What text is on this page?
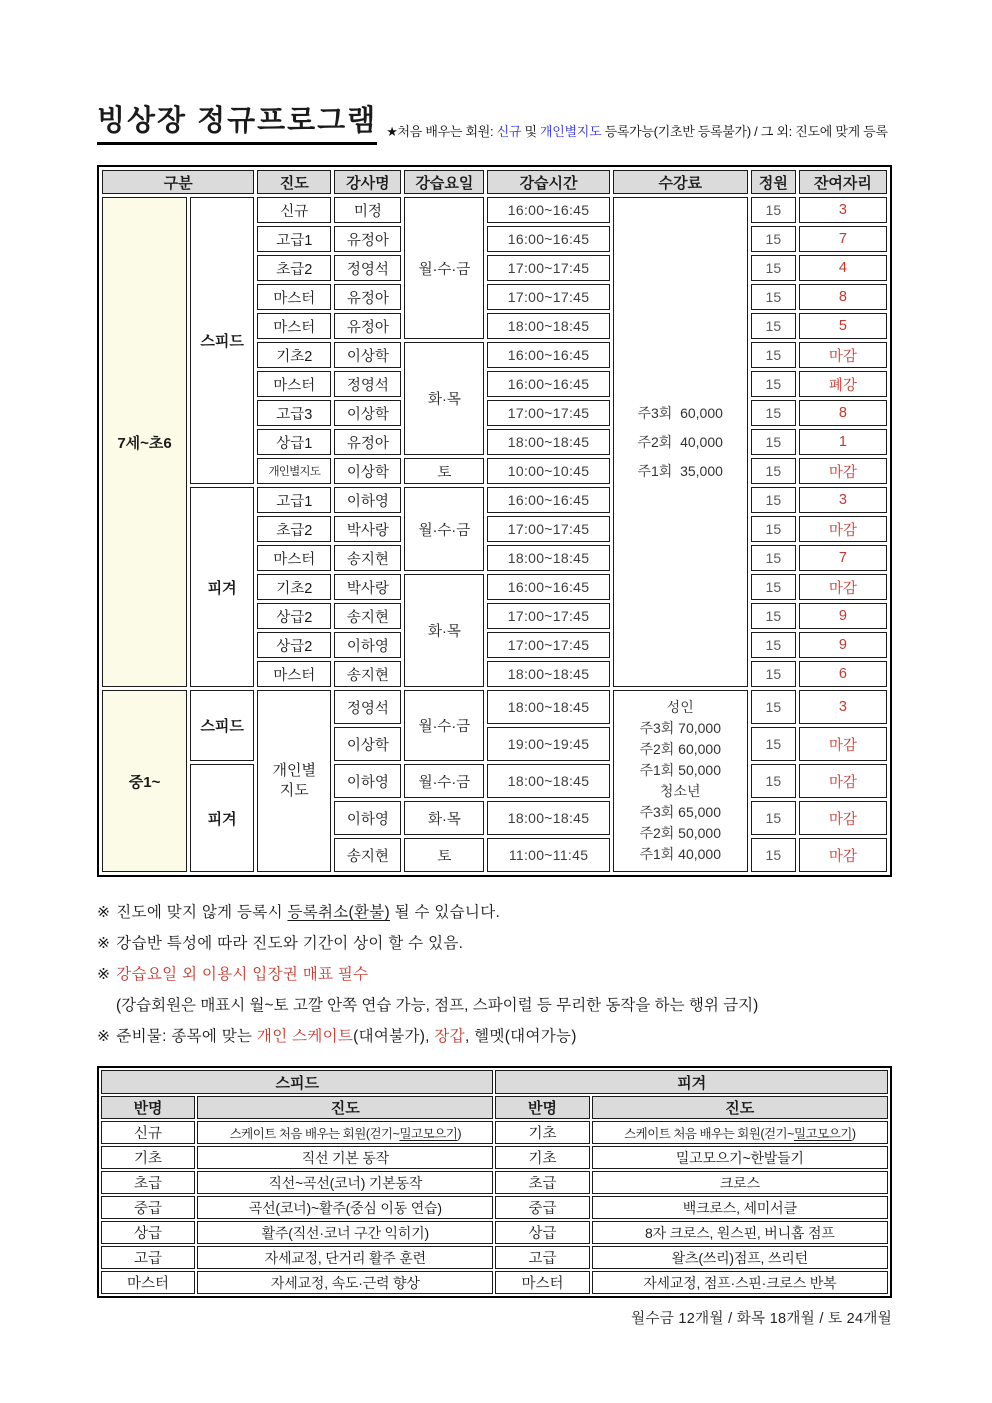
빙상장 정규프로그램 ★처음 배우는 회원: 신규 및 개인별지도 등록가능(기초반 등록불가) / 그 외: 진도에 맞게 등록
구분		진도	강사명	강습요일	강습시간	수강료	정원	잔여자리
7세~초6	스피드	신규	미정	월·수·금	16:00~16:45	주3회  60,000
주2회  40,000
주1회  35,000	15	3
		고급1	유정아		16:00~16:45		15	7
		초급2	정영석		17:00~17:45		15	4
		마스터	유정아		17:00~17:45		15	8
		마스터	유정아		18:00~18:45		15	5
		기초2	이상학	화·목	16:00~16:45		15	마감
		마스터	정영석		16:00~16:45		15	폐강
		고급3	이상학		17:00~17:45		15	8
		상급1	유정아		18:00~18:45		15	1
		개인별지도	이상학	토	10:00~10:45		15	마감
	피겨	고급1	이하영	월·수·금	16:00~16:45		15	3
		초급2	박사랑		17:00~17:45		15	마감
		마스터	송지현		18:00~18:45		15	7
		기초2	박사랑	화·목	16:00~16:45		15	마감
		상급2	송지현		17:00~17:45		15	9
		상급2	이하영		17:00~17:45		15	9
		마스터	송지현		18:00~18:45		15	6
중1~	스피드	개인별지도	정영석	월·수·금	18:00~18:45	성인
주3회 70,000
주2회 60,000
주1회 50,000
청소년
주3회 65,000
주2회 50,000
주1회 40,000
	15	3
			이상학		19:00~19:45		15	마감
	피겨		이하영	월·수·금	18:00~18:45		15	마감
			이하영	화·목	18:00~18:45		15	마감
			송지현	토	11:00~11:45		15	마감
※ 진도에 맞지 않게 등록시 등록취소(환불) 될 수 있습니다.
※ 강습반 특성에 따라 진도와 기간이 상이 할 수 있음.
※ 강습요일 외 이용시 입장권 매표 필수
(강습회원은 매표시 월~토 고깔 안쪽 연습 가능, 점프, 스파이럴 등 무리한 동작을 하는 행위 금지)
※ 준비물: 종목에 맞는 개인 스케이트(대여불가), 장갑, 헬멧(대여가능)
스피드		피겨	
반명	진도	반명	진도
신규	스케이트 처음 배우는 회원(걷기~밀고모으기)	기초	스케이트 처음 배우는 회원(걷기~밀고모으기)
기초	직선 기본 동작	기초	밀고모으기~한발들기
초급	직선~곡선(코너) 기본동작	초급	크로스
중급	곡선(코너)~활주(중심 이동 연습)	중급	백크로스, 세미서클
상급	활주(직선·코너 구간 익히기)	상급	8자 크로스, 원스핀, 버니홉 점프
고급	자세교정, 단거리 활주 훈련	고급	왈츠(쓰리)점프, 쓰리턴
마스터	자세교정, 속도·근력 향상	마스터	자세교정, 점프·스핀·크로스 반복
월수금 12개월 / 화목 18개월 / 토 24개월
